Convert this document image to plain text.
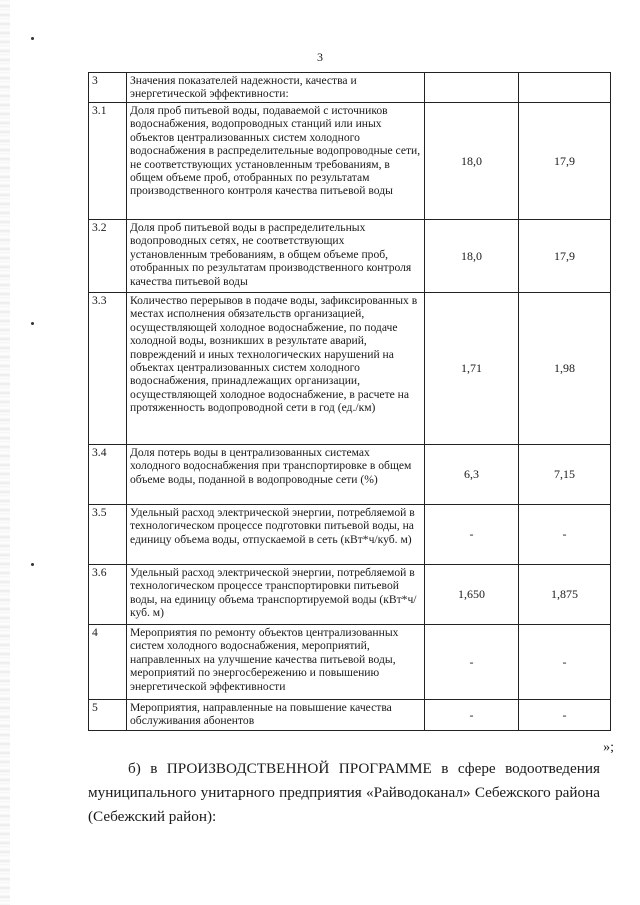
3
3	Значения показателей надежности, качества и энергетической эффективности:		
3.1	Доля проб питьевой воды, подаваемой с источников водоснабжения, водопроводных станций или иных объектов централизованных систем холодного водоснабжения в распределительные водопроводные сети, не соответствующих установленным требованиям, в общем объеме проб, отобранных по результатам производственного контроля качества питьевой воды	18,0	17,9
3.2	Доля проб питьевой воды в распределительных водопроводных сетях, не соответствующих установленным требованиям, в общем объеме проб, отобранных по результатам производственного контроля качества питьевой воды	18,0	17,9
3.3	Количество перерывов в подаче воды, зафиксированных в местах исполнения обязательств организацией, осуществляющей холодное водоснабжение, по подаче холодной воды, возникших в результате аварий, повреждений и иных технологических нарушений на объектах централизованных систем холодного водоснабжения, принадлежащих организации, осуществляющей холодное водоснабжение, в расчете на протяженность водопроводной сети в год (ед./км)	1,71	1,98
3.4	Доля потерь воды в централизованных системах холодного водоснабжения при транспортировке в общем объеме воды, поданной в водопроводные сети (%)	6,3	7,15
3.5	Удельный расход электрической энергии, потребляемой в технологическом процессе подготовки питьевой воды, на единицу объема воды, отпускаемой в сеть (кВт*ч/куб. м)	-	-
3.6	Удельный расход электрической энергии, потребляемой в технологическом процессе транспортировки питьевой воды, на единицу объема транспортируемой воды (кВт*ч/куб. м)	1,650	1,875
4	Мероприятия по ремонту объектов централизованных систем холодного водоснабжения, мероприятий, направленных на улучшение качества питьевой воды, мероприятий по энергосбережению и повышению энергетической эффективности	-	-
5	Мероприятия, направленные на повышение качества обслуживания абонентов	-	-
»;
б) в ПРОИЗВОДСТВЕННОЙ ПРОГРАММЕ в сфере водоотведения муниципального унитарного предприятия «Райводоканал» Себежского района (Себежский район):
